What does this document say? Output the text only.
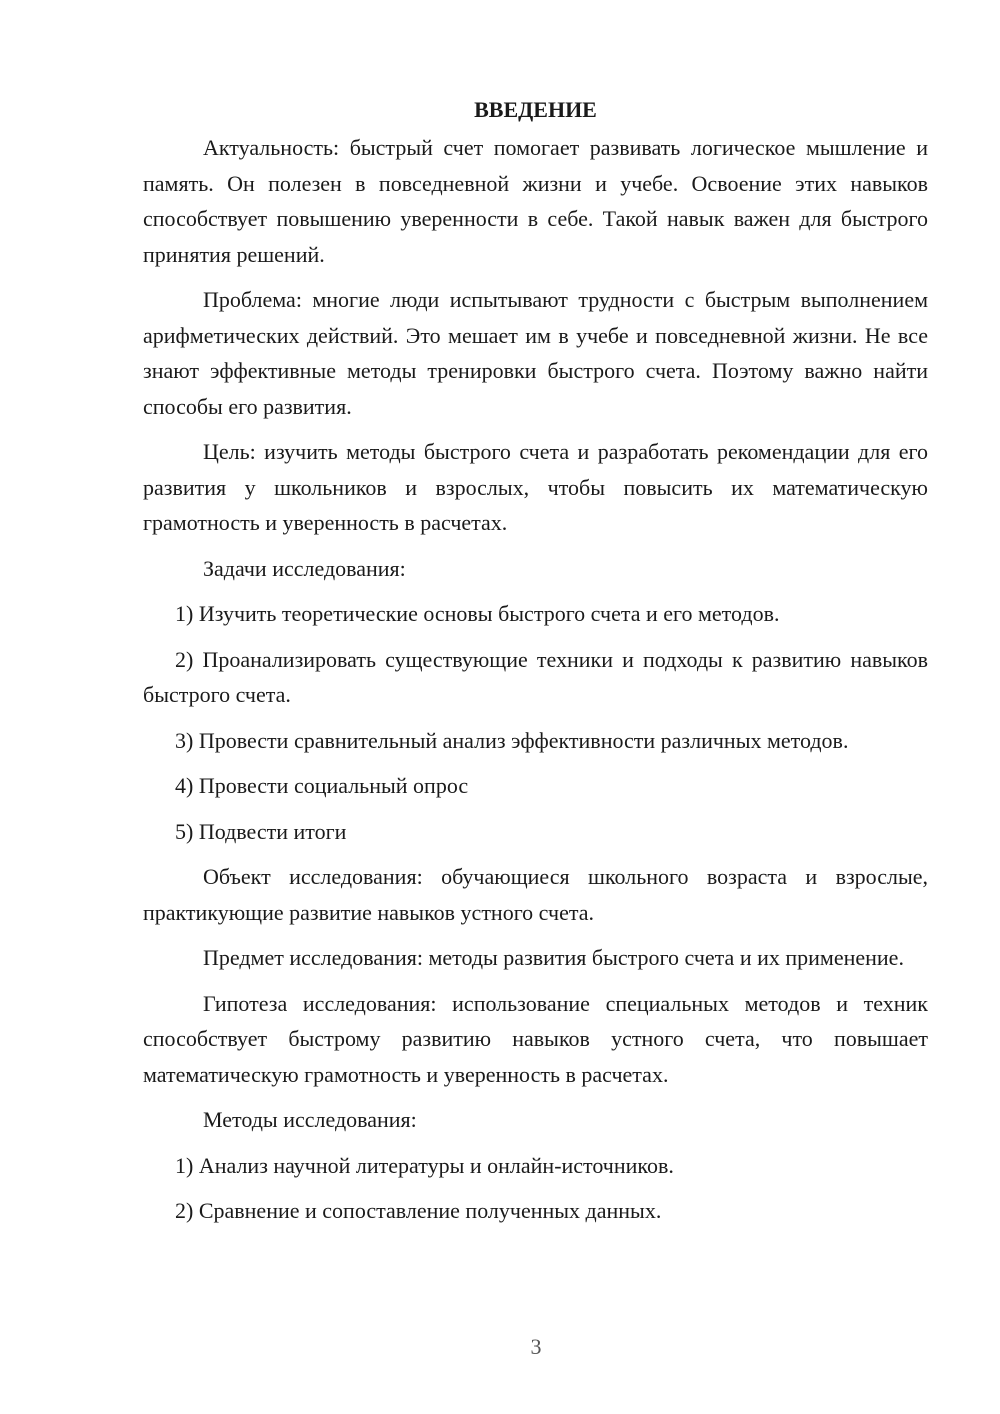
ВВЕДЕНИЕ

Актуальность: быстрый счет помогает развивать логическое мышление и память. Он полезен в повседневной жизни и учебе. Освоение этих навыков способствует повышению уверенности в себе. Такой навык важен для быстрого принятия решений.

Проблема: многие люди испытывают трудности с быстрым выполнением арифметических действий. Это мешает им в учебе и повседневной жизни. Не все знают эффективные методы тренировки быстрого счета. Поэтому важно найти способы его развития.

Цель: изучить методы быстрого счета и разработать рекомендации для его развития у школьников и взрослых, чтобы повысить их математическую грамотность и уверенность в расчетах.

Задачи исследования:

1) Изучить теоретические основы быстрого счета и его методов.

2) Проанализировать существующие техники и подходы к развитию навыков быстрого счета.

3) Провести сравнительный анализ эффективности различных методов.

4) Провести социальный опрос

5) Подвести итоги

Объект исследования: обучающиеся школьного возраста и взрослые, практикующие развитие навыков устного счета.

Предмет исследования: методы развития быстрого счета и их применение.

Гипотеза исследования: использование специальных методов и техник способствует быстрому развитию навыков устного счета, что повышает математическую грамотность и уверенность в расчетах.

Методы исследования:

1) Анализ научной литературы и онлайн-источников.

2) Сравнение и сопоставление полученных данных.

3
